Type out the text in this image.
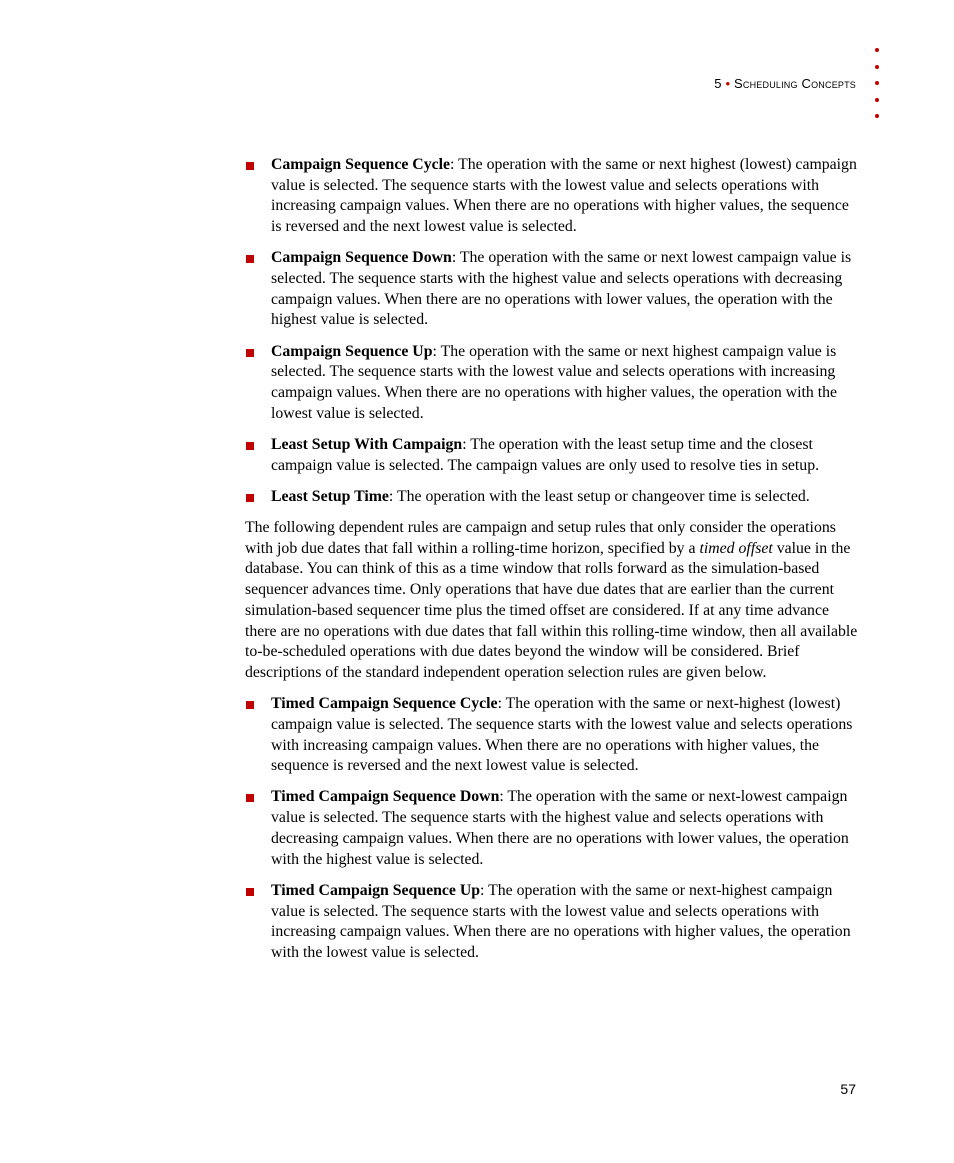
5 • Scheduling Concepts
Campaign Sequence Cycle: The operation with the same or next highest (lowest) campaign value is selected. The sequence starts with the lowest value and selects operations with increasing campaign values. When there are no operations with higher values, the sequence is reversed and the next lowest value is selected.
Campaign Sequence Down: The operation with the same or next lowest campaign value is selected. The sequence starts with the highest value and selects operations with decreasing campaign values. When there are no operations with lower values, the operation with the highest value is selected.
Campaign Sequence Up: The operation with the same or next highest campaign value is selected. The sequence starts with the lowest value and selects operations with increasing campaign values. When there are no operations with higher values, the operation with the lowest value is selected.
Least Setup With Campaign: The operation with the least setup time and the closest campaign value is selected. The campaign values are only used to resolve ties in setup.
Least Setup Time: The operation with the least setup or changeover time is selected.

The following dependent rules are campaign and setup rules that only consider the operations with job due dates that fall within a rolling-time horizon, specified by a timed offset value in the database. You can think of this as a time window that rolls forward as the simulation-based sequencer advances time. Only operations that have due dates that are earlier than the current simulation-based sequencer time plus the timed offset are considered. If at any time advance there are no operations with due dates that fall within this rolling-time window, then all available to-be-scheduled operations with due dates beyond the window will be considered. Brief descriptions of the standard independent operation selection rules are given below.

Timed Campaign Sequence Cycle: The operation with the same or next-highest (lowest) campaign value is selected. The sequence starts with the lowest value and selects operations with increasing campaign values. When there are no operations with higher values, the sequence is reversed and the next lowest value is selected.
Timed Campaign Sequence Down: The operation with the same or next-lowest campaign value is selected. The sequence starts with the highest value and selects operations with decreasing campaign values. When there are no operations with lower values, the operation with the highest value is selected.
Timed Campaign Sequence Up: The operation with the same or next-highest campaign value is selected. The sequence starts with the lowest value and selects operations with increasing campaign values. When there are no operations with higher values, the operation with the lowest value is selected.
57
